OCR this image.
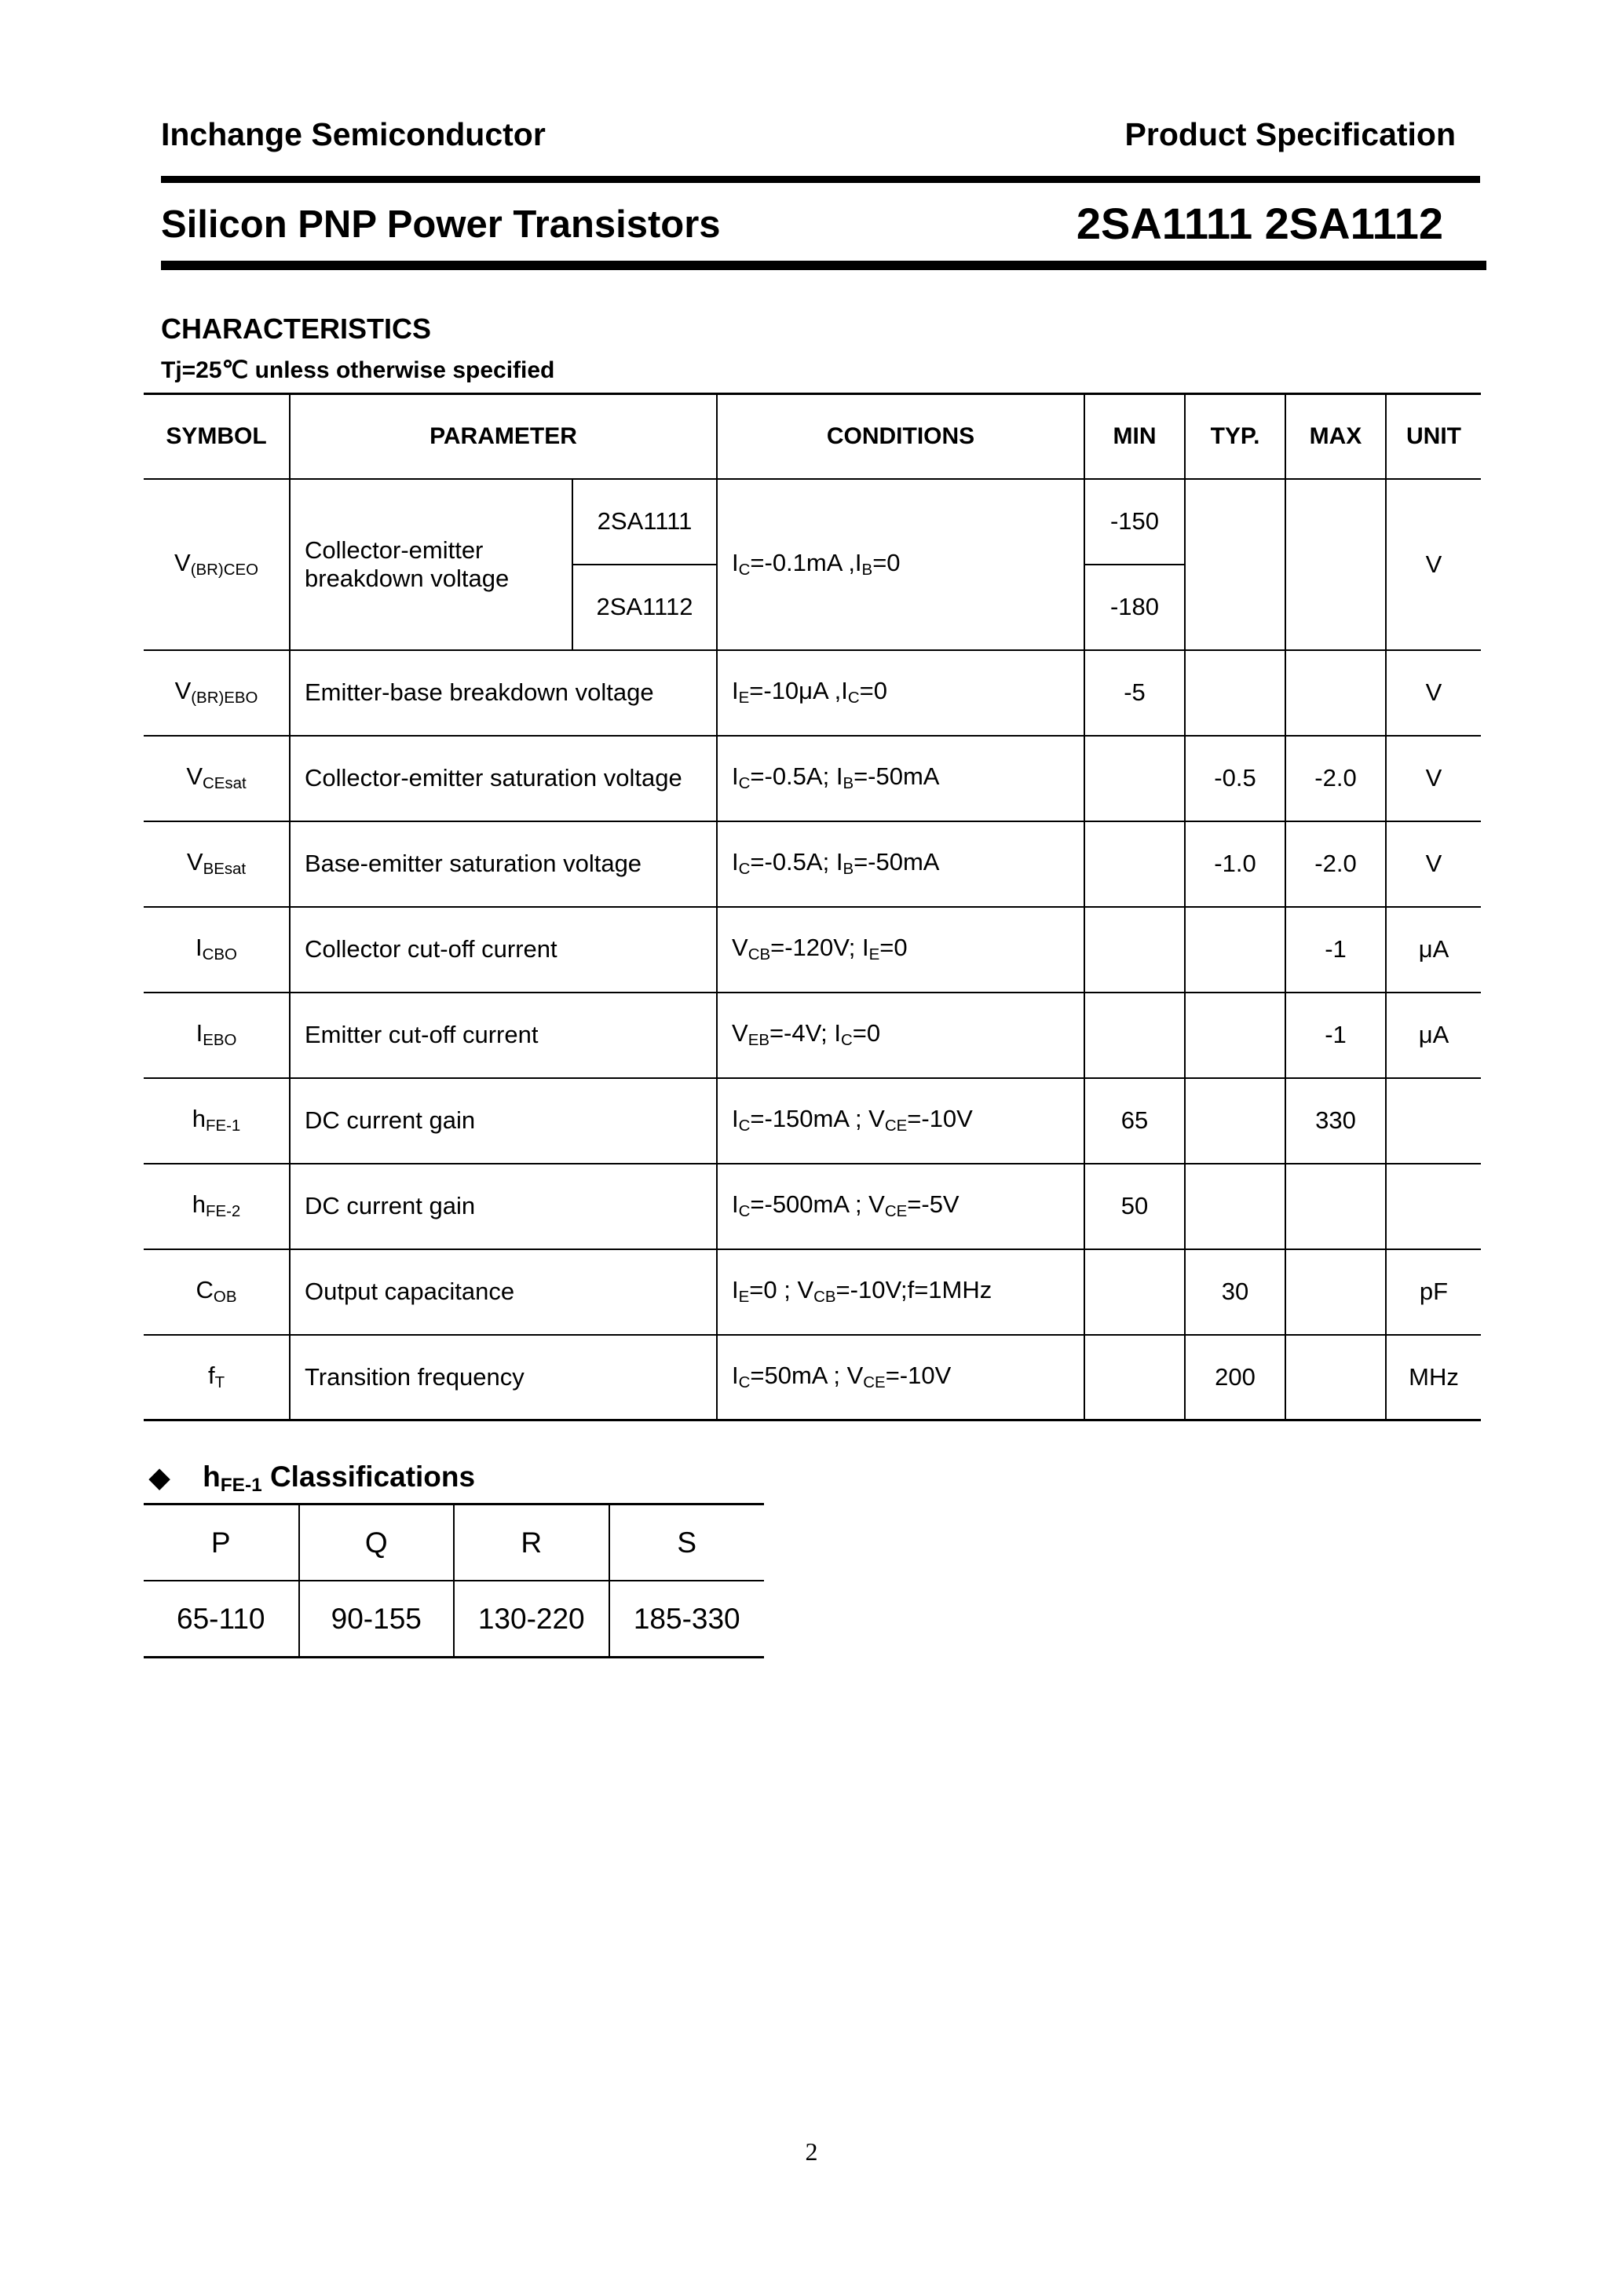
Inchange Semiconductor	Product Specification
Silicon PNP Power Transistors	2SA1111 2SA1112
CHARACTERISTICS
Tj=25℃ unless otherwise specified
SYMBOL	PARAMETER		CONDITIONS	MIN	TYP.	MAX	UNIT
$V_{(BR)CEO}$	Collector-emitter breakdown voltage	2SA1111	$I_C=-0.1mA$ $,I_B=0$	-150			V
		2SA1112		-180			
$V_{(BR)EBO}$	Emitter-base breakdown voltage		$I_E=-10\mu A$ $,I_C=0$	-5			V
$V_{CEsat}$	Collector-emitter saturation voltage		$I_C=-0.5A$; $I_B=-50mA$		-0.5	-2.0	V
$V_{BEsat}$	Base-emitter saturation voltage		$I_C=-0.5A$; $I_B=-50mA$		-1.0	-2.0	V
$I_{CBO}$	Collector cut-off current		$V_{CB}=-120V$; $I_E=0$			-1	μA
$I_{EBO}$	Emitter cut-off current		$V_{EB}=-4V$; $I_C=0$			-1	μA
$h_{FE-1}$	DC current gain		$I_C=-150mA$ ; $V_{CE}=-10V$	65		330	
$h_{FE-2}$	DC current gain		$I_C=-500mA$ ; $V_{CE}=-5V$	50			
$C_{OB}$	Output capacitance		$I_E=0$ ; $V_{CB}=-10V;f=1MHz$		30		pF
$f_T$	Transition frequency		$I_C=50mA$ ; $V_{CE}=-10V$		200		MHz
◆ $h_{FE-1}$ Classifications
P	Q	R	S
65-110	90-155	130-220	185-330
2
